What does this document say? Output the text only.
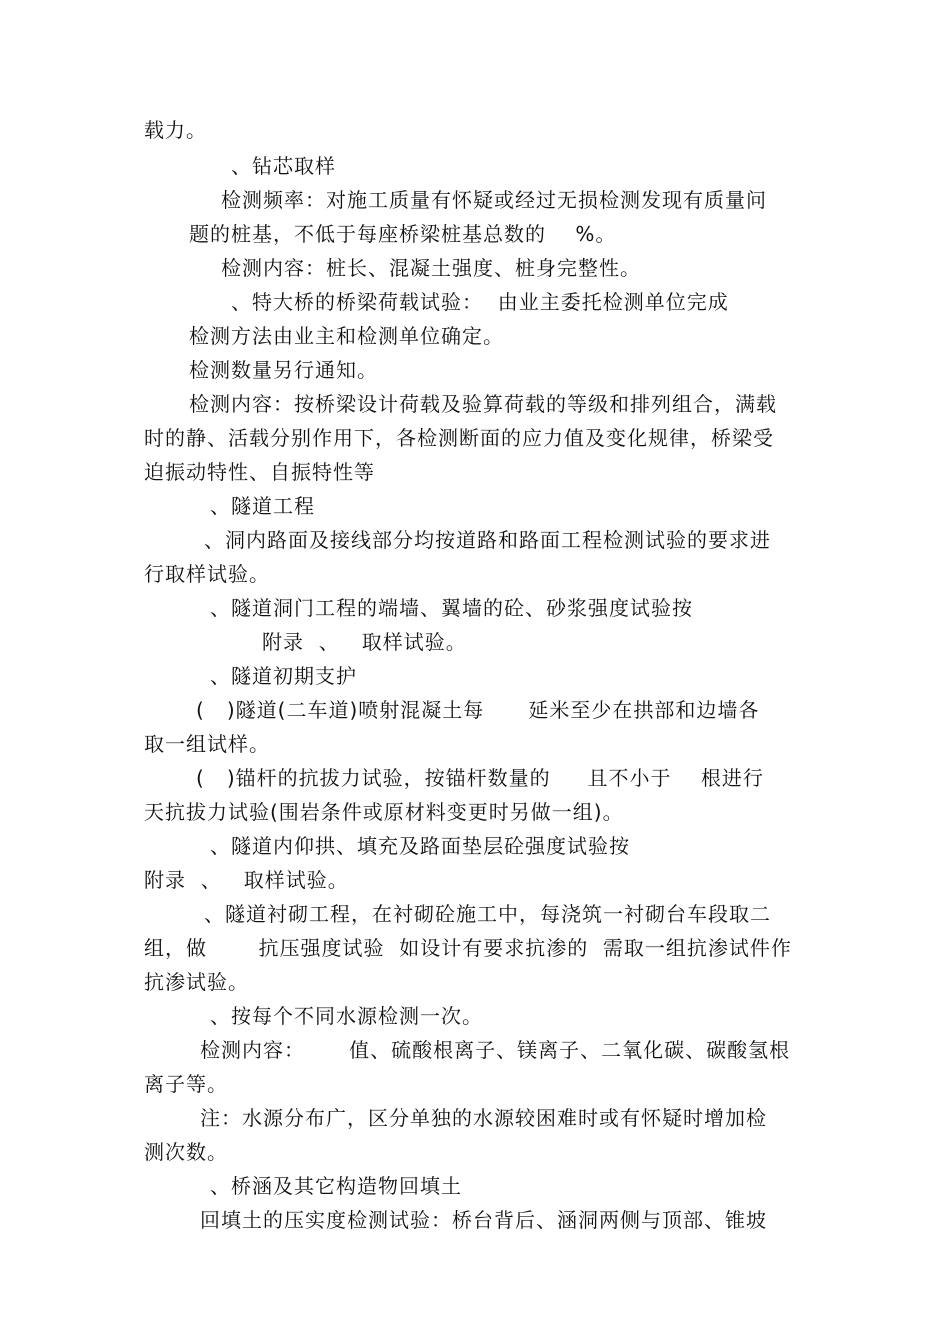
载力。
、钻芯取样
检测频率：对施工质量有怀疑或经过无损检测发现有质量问
题的桩基，不低于每座桥梁桩基总数的    %。
检测内容：桩长、混凝土强度、桩身完整性。
、特大桥的桥梁荷载试验：  由业主委托检测单位完成
检测方法由业主和检测单位确定。
检测数量另行通知。
检测内容：按桥梁设计荷载及验算荷载的等级和排列组合，满载
时的静、活载分别作用下，各检测断面的应力值及变化规律，桥梁受
迫振动特性、自振特性等
、隧道工程
、洞内路面及接线部分均按道路和路面工程检测试验的要求进
行取样试验。
、隧道洞门工程的端墙、翼墙的砼、砂浆强度试验按
附录  、   取样试验。
、隧道初期支护
(   )隧道(二车道)喷射混凝土每      延米至少在拱部和边墙各
取一组试样。
(   )锚杆的抗拔力试验，按锚杆数量的     且不小于    根进行
天抗拔力试验(围岩条件或原材料变更时另做一组)。
、隧道内仰拱、填充及路面垫层砼强度试验按
附录  、   取样试验。
、隧道衬砌工程，在衬砌砼施工中，每浇筑一衬砌台车段取二
组，做       抗压强度试验  如设计有要求抗渗的  需取一组抗渗试件作
抗渗试验。
、按每个不同水源检测一次。
检测内容：      值、硫酸根离子、镁离子、二氧化碳、碳酸氢根
离子等。
注：水源分布广，区分单独的水源较困难时或有怀疑时增加检
测次数。
、桥涵及其它构造物回填土
回填土的压实度检测试验：桥台背后、涵洞两侧与顶部、锥坡
